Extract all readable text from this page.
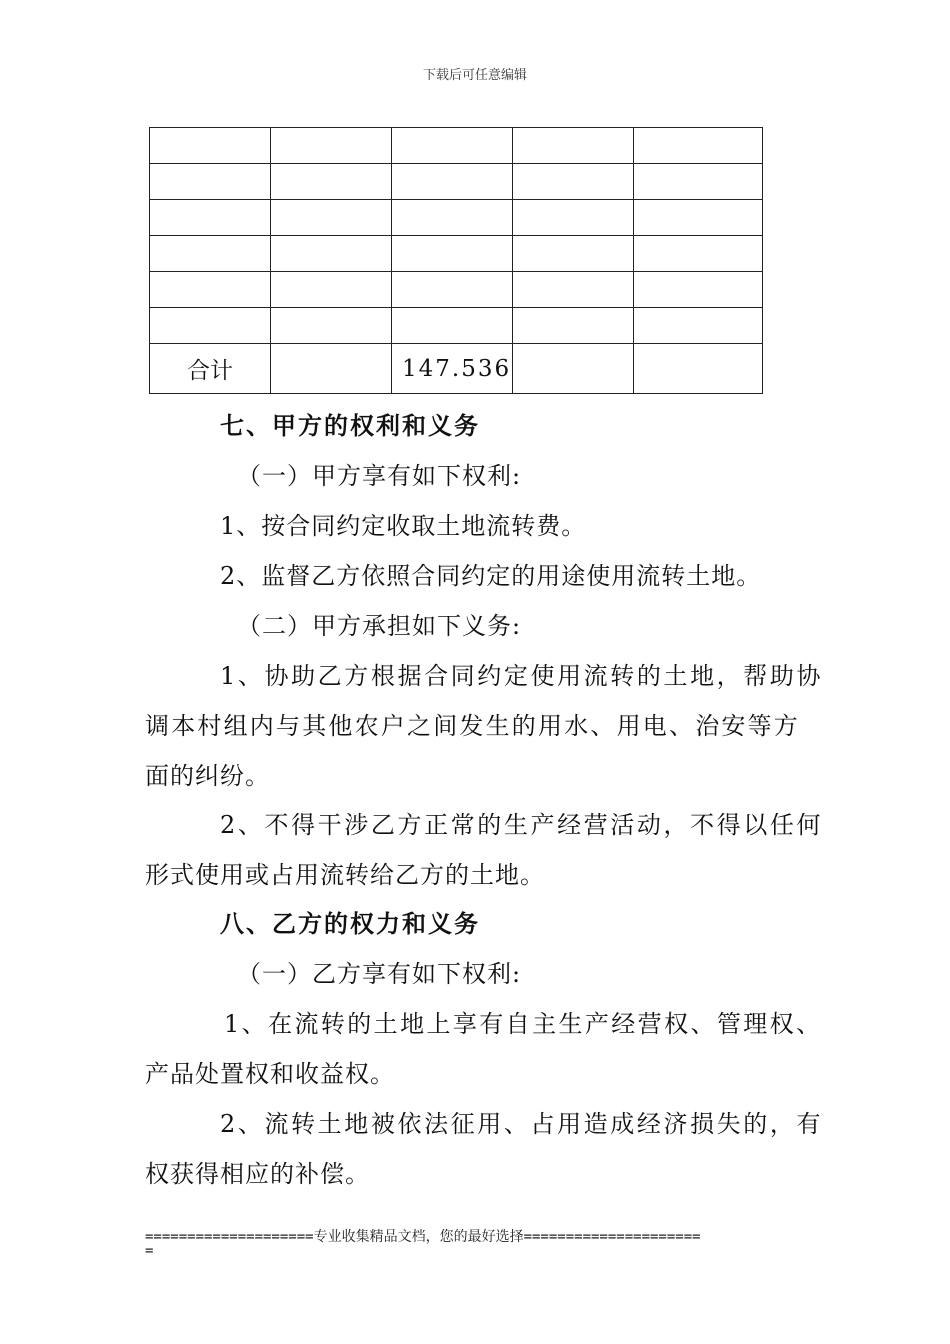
下载后可任意编辑

合计		147.536		
七、甲方的权利和义务
（一）甲方享有如下权利:
1、按合同约定收取土地流转费。
2、监督乙方依照合同约定的用途使用流转土地。
（二）甲方承担如下义务:
1、协助乙方根据合同约定使用流转的土地，帮助协
调本村组内与其他农户之间发生的用水、用电、治安等方
面的纠纷。
2、不得干涉乙方正常的生产经营活动，不得以任何
形式使用或占用流转给乙方的土地。
八、乙方的权力和义务
（一）乙方享有如下权利:
1、在流转的土地上享有自主生产经营权、管理权、
产品处置权和收益权。
2、流转土地被依法征用、占用造成经济损失的，有
权获得相应的补偿。
====================专业收集精品文档，您的最好选择=====================
=
